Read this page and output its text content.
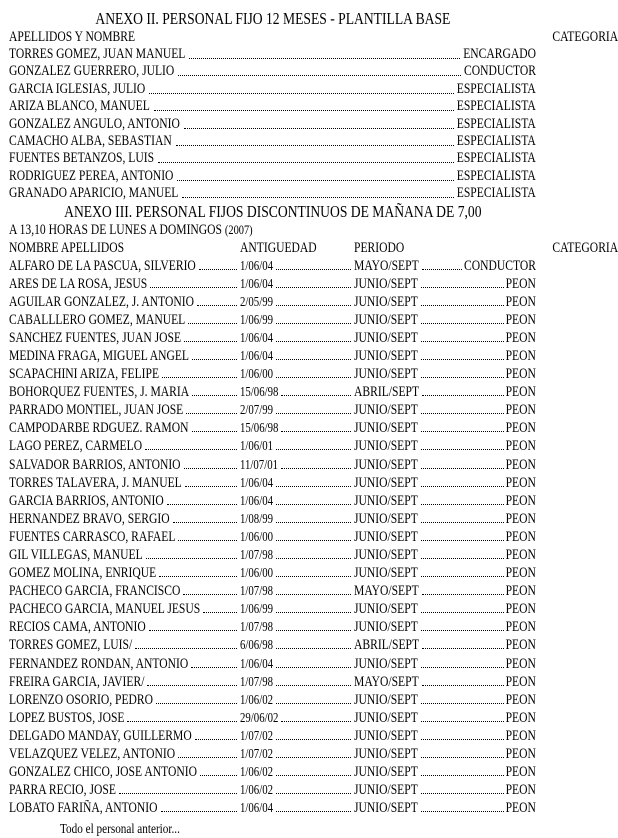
ANEXO II. PERSONAL FIJO 12 MESES - PLANTILLA BASE
APELLIDOS Y NOMBRE	CATEGORIA
TORRES GOMEZ, JUAN MANUEL	ENCARGADO
GONZALEZ GUERRERO, JULIO	CONDUCTOR
GARCIA IGLESIAS, JULIO	ESPECIALISTA
ARIZA BLANCO, MANUEL	ESPECIALISTA
GONZALEZ ANGULO, ANTONIO	ESPECIALISTA
CAMACHO ALBA, SEBASTIAN	ESPECIALISTA
FUENTES BETANZOS, LUIS	ESPECIALISTA
RODRIGUEZ PEREA, ANTONIO	ESPECIALISTA
GRANADO APARICIO, MANUEL	ESPECIALISTA
ANEXO III. PERSONAL FIJOS DISCONTINUOS DE MAÑANA DE 7,00
A 13,10 HORAS DE LUNES A DOMINGOS (2007)
NOMBRE APELLIDOS	ANTIGUEDAD	PERIODO	CATEGORIA
ALFARO DE LA PASCUA, SILVERIO	1/06/04	MAYO/SEPT	CONDUCTOR
ARES DE LA ROSA, JESUS	1/06/04	JUNIO/SEPT	PEON
AGUILAR GONZALEZ, J. ANTONIO	2/05/99	JUNIO/SEPT	PEON
CABALLLERO GOMEZ, MANUEL	1/06/99	JUNIO/SEPT	PEON
SANCHEZ FUENTES, JUAN JOSE	1/06/04	JUNIO/SEPT	PEON
MEDINA FRAGA, MIGUEL ANGEL	1/06/04	JUNIO/SEPT	PEON
SCAPACHINI ARIZA, FELIPE	1/06/00	JUNIO/SEPT	PEON
BOHORQUEZ FUENTES, J. MARIA	15/06/98	ABRIL/SEPT	PEON
PARRADO MONTIEL, JUAN JOSE	2/07/99	JUNIO/SEPT	PEON
CAMPODARBE RDGUEZ. RAMON	15/06/98	JUNIO/SEPT	PEON
LAGO PEREZ, CARMELO	1/06/01	JUNIO/SEPT	PEON
SALVADOR BARRIOS, ANTONIO	11/07/01	JUNIO/SEPT	PEON
TORRES TALAVERA, J. MANUEL	1/06/04	JUNIO/SEPT	PEON
GARCIA BARRIOS, ANTONIO	1/06/04	JUNIO/SEPT	PEON
HERNANDEZ BRAVO, SERGIO	1/08/99	JUNIO/SEPT	PEON
FUENTES CARRASCO, RAFAEL	1/06/00	JUNIO/SEPT	PEON
GIL VILLEGAS, MANUEL	1/07/98	JUNIO/SEPT	PEON
GOMEZ MOLINA, ENRIQUE	1/06/00	JUNIO/SEPT	PEON
PACHECO GARCIA, FRANCISCO	1/07/98	MAYO/SEPT	PEON
PACHECO GARCIA, MANUEL JESUS	1/06/99	JUNIO/SEPT	PEON
RECIOS CAMA, ANTONIO	1/07/98	JUNIO/SEPT	PEON
TORRES GOMEZ, LUIS/	6/06/98	ABRIL/SEPT	PEON
FERNANDEZ RONDAN, ANTONIO	1/06/04	JUNIO/SEPT	PEON
FREIRA GARCIA, JAVIER/	1/07/98	MAYO/SEPT	PEON
LORENZO OSORIO, PEDRO	1/06/02	JUNIO/SEPT	PEON
LOPEZ BUSTOS, JOSE	29/06/02	JUNIO/SEPT	PEON
DELGADO MANDAY, GUILLERMO	1/07/02	JUNIO/SEPT	PEON
VELAZQUEZ VELEZ, ANTONIO	1/07/02	JUNIO/SEPT	PEON
GONZALEZ CHICO, JOSE ANTONIO	1/06/02	JUNIO/SEPT	PEON
PARRA RECIO, JOSE	1/06/02	JUNIO/SEPT	PEON
LOBATO FARIÑA, ANTONIO	1/06/04	JUNIO/SEPT	PEON
Todo el personal anterior...
